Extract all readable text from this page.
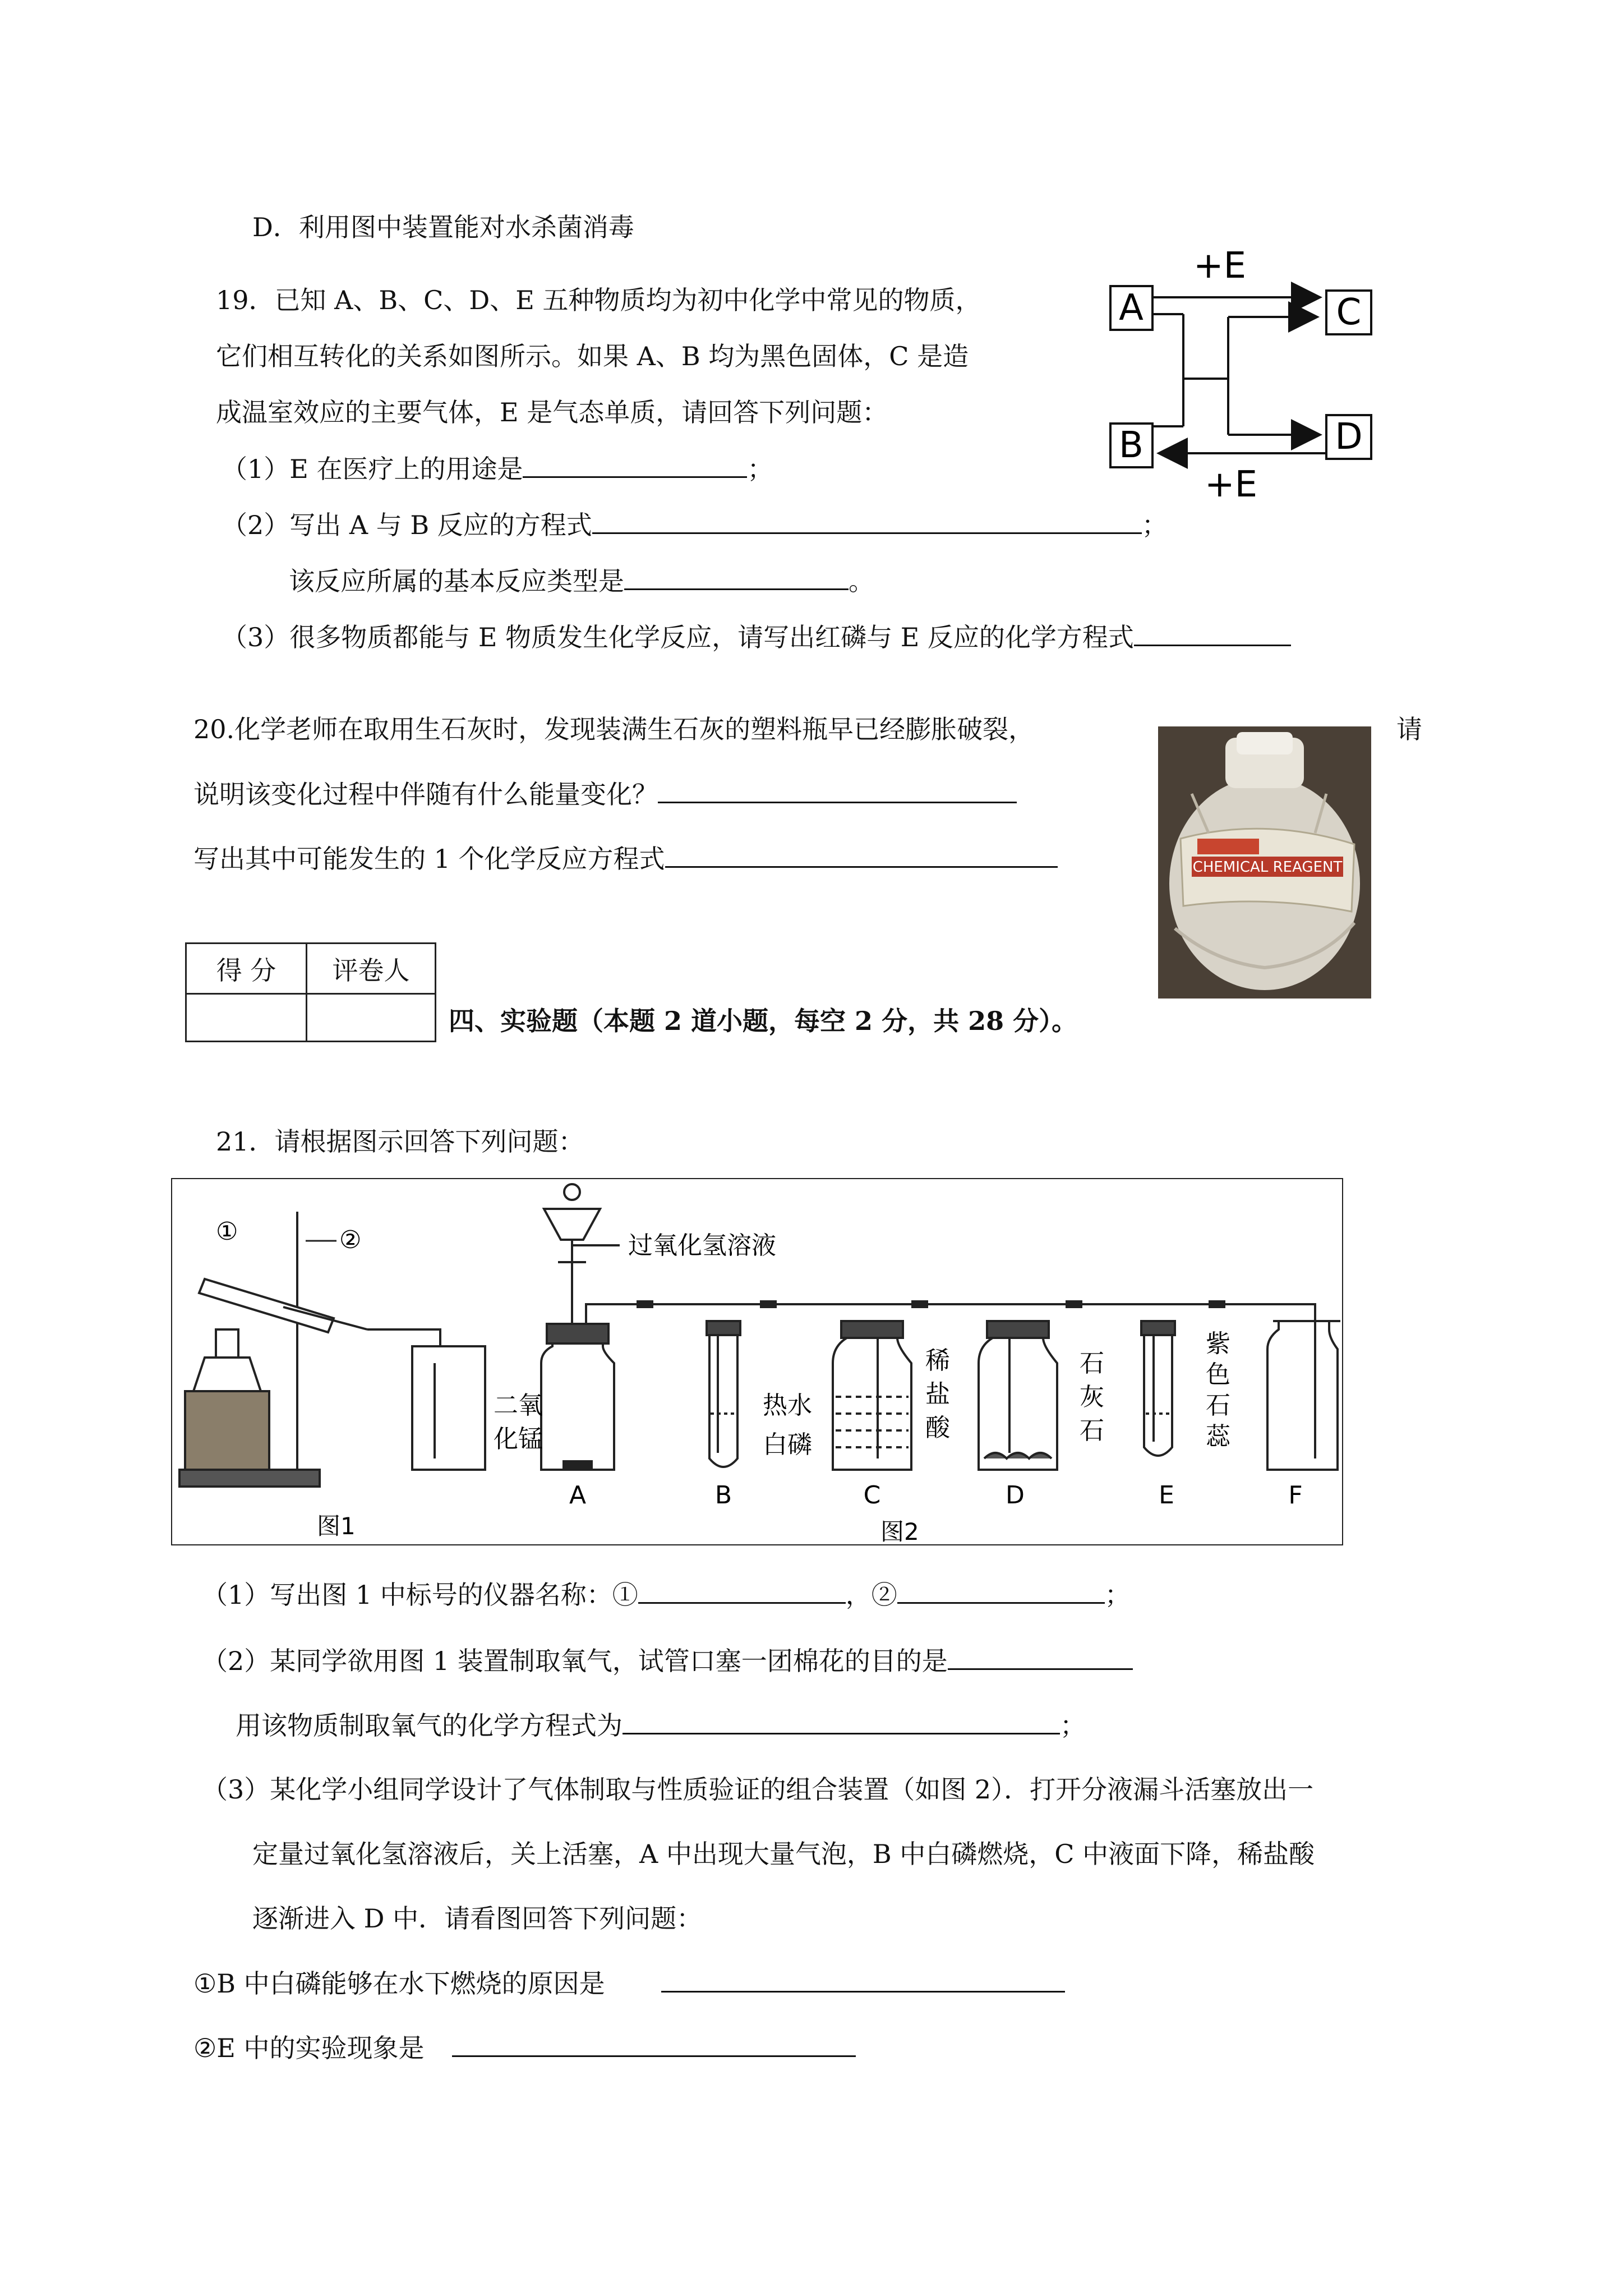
D．利用图中装置能对水杀菌消毒
19．已知 A、B、C、D、E 五种物质均为初中化学中常见的物质，
它们相互转化的关系如图所示。如果 A、B 均为黑色固体，C 是造
成温室效应的主要气体，E 是气态单质，请回答下列问题：
（1）E 在医疗上的用途是	；
（2）写出 A 与 B 反应的方程式	；
该反应所属的基本反应类型是	。
（3）很多物质都能与 E 物质发生化学反应，请写出红磷与 E 反应的化学方程式
A	C
B	D
+E
+E
20.化学老师在取用生石灰时，发现装满生石灰的塑料瓶早已经膨胀破裂，	请
说明该变化过程中伴随有什么能量变化？
写出其中可能发生的 1 个化学反应方程式	CHEMICAL REAGENT
得 分	评卷人

四、实验题（本题 2 道小题，每空 2 分，共 28 分）。
21．请根据图示回答下列问题：
①	②
图1
过氧化氢溶液
二氧
化锰
热水
白磷
稀
盐
酸
石
灰
石
紫
色
石
蕊
A	B	C	D	E	F
图2
（1）写出图 1 中标号的仪器名称：①	，②	；
（2）某同学欲用图 1 装置制取氧气，试管口塞一团棉花的目的是
用该物质制取氧气的化学方程式为	；
（3）某化学小组同学设计了气体制取与性质验证的组合装置（如图 2）．打开分液漏斗活塞放出一
定量过氧化氢溶液后，关上活塞，A 中出现大量气泡，B 中白磷燃烧，C 中液面下降，稀盐酸
逐渐进入 D 中．请看图回答下列问题：
①B 中白磷能够在水下燃烧的原因是
②E 中的实验现象是
